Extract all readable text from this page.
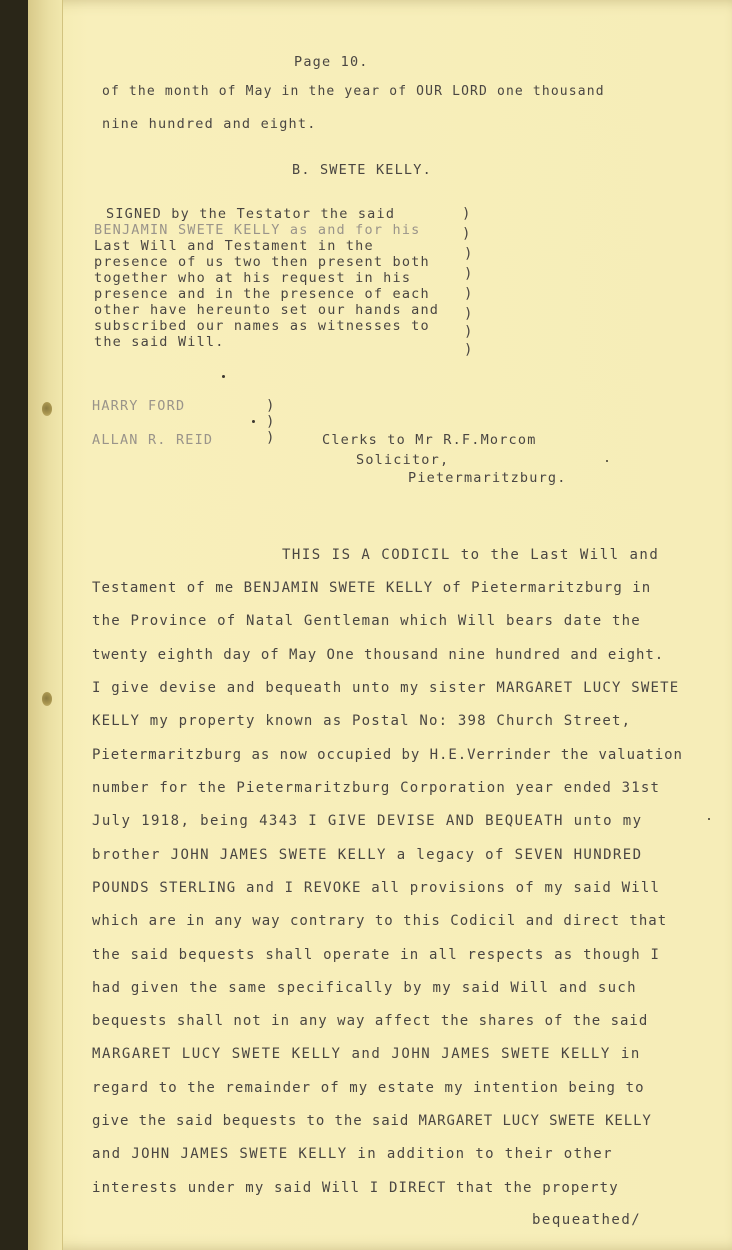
Page 10.
of the month of May in the year of OUR LORD one thousand
nine hundred and eight.
B. SWETE KELLY.
SIGNED by the Testator the said
BENJAMIN SWETE KELLY as and for his
Last Will and Testament in the
presence of us two then present both
together who at his request in his
presence and in the presence of each
other have hereunto set our hands and
subscribed our names as witnesses to
the said Will.
)
)
)
)
)
)
)
)
HARRY FORD
ALLAN R. REID
)
)
)	Clerks to Mr R.F.Morcom
Solicitor,
Pietermaritzburg.
THIS IS A CODICIL to the Last Will and
Testament of me BENJAMIN SWETE KELLY of Pietermaritzburg in
the Province of Natal Gentleman which Will bears date the
twenty eighth day of May One thousand nine hundred and eight.
I give devise and bequeath unto my sister MARGARET LUCY SWETE
KELLY my property known as Postal No: 398 Church Street,
Pietermaritzburg as now occupied by H.E.Verrinder the valuation
number for the Pietermaritzburg Corporation year ended 31st
July 1918, being 4343 I GIVE DEVISE AND BEQUEATH unto my
brother JOHN JAMES SWETE KELLY a legacy of SEVEN HUNDRED
POUNDS STERLING and I REVOKE all provisions of my said Will
which are in any way contrary to this Codicil and direct that
the said bequests shall operate in all respects as though I
had given the same specifically by my said Will and such
bequests shall not in any way affect the shares of the said
MARGARET LUCY SWETE KELLY and JOHN JAMES SWETE KELLY in
regard to the remainder of my estate my intention being to
give the said bequests to the said MARGARET LUCY SWETE KELLY
and JOHN JAMES SWETE KELLY in addition to their other
interests under my said Will I DIRECT that the property
bequeathed/
